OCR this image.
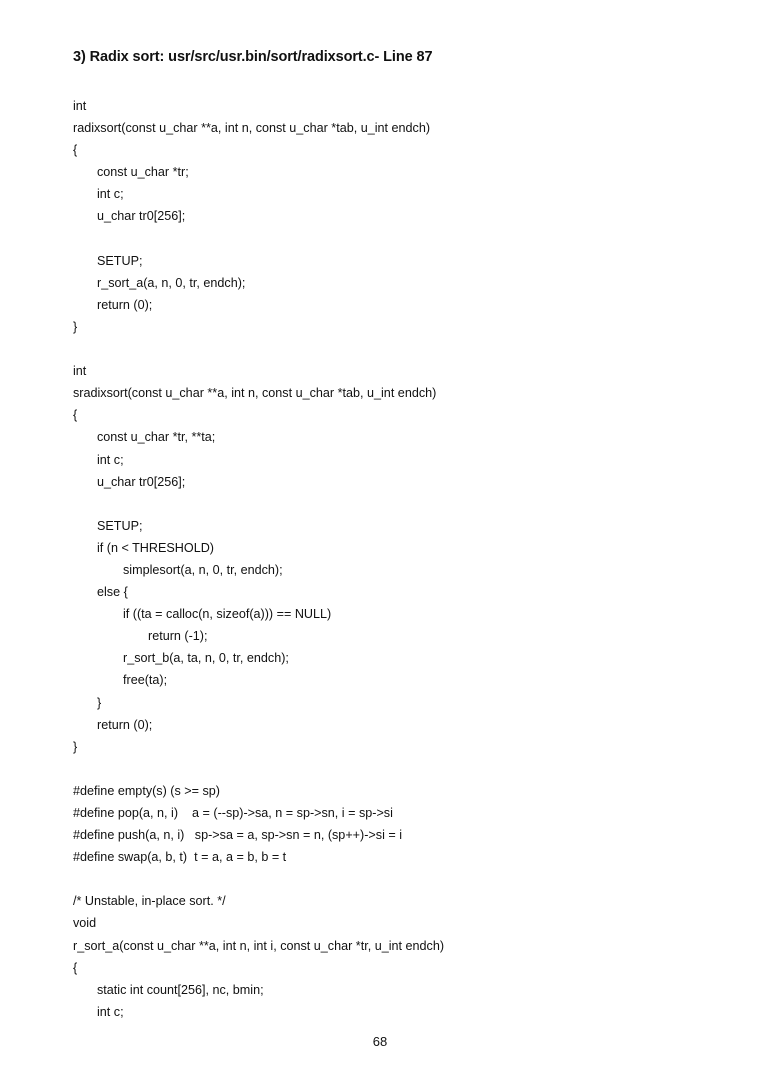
3) Radix sort: usr/src/usr.bin/sort/radixsort.c- Line 87
int
radixsort(const u_char **a, int n, const u_char *tab, u_int endch)
{
const u_char *tr;
int c;
u_char tr0[256];
SETUP;
r_sort_a(a, n, 0, tr, endch);
return (0);
}
int
sradixsort(const u_char **a, int n, const u_char *tab, u_int endch)
{
const u_char *tr, **ta;
int c;
u_char tr0[256];
SETUP;
if (n < THRESHOLD)
simplesort(a, n, 0, tr, endch);
else {
if ((ta = calloc(n, sizeof(a))) == NULL)
return (-1);
r_sort_b(a, ta, n, 0, tr, endch);
free(ta);
}
return (0);
}
#define empty(s) (s >= sp)
#define pop(a, n, i)    a = (--sp)->sa, n = sp->sn, i = sp->si
#define push(a, n, i)   sp->sa = a, sp->sn = n, (sp++)->si = i
#define swap(a, b, t)  t = a, a = b, b = t
/* Unstable, in-place sort. */
void
r_sort_a(const u_char **a, int n, int i, const u_char *tr, u_int endch)
{
static int count[256], nc, bmin;
int c;
68
